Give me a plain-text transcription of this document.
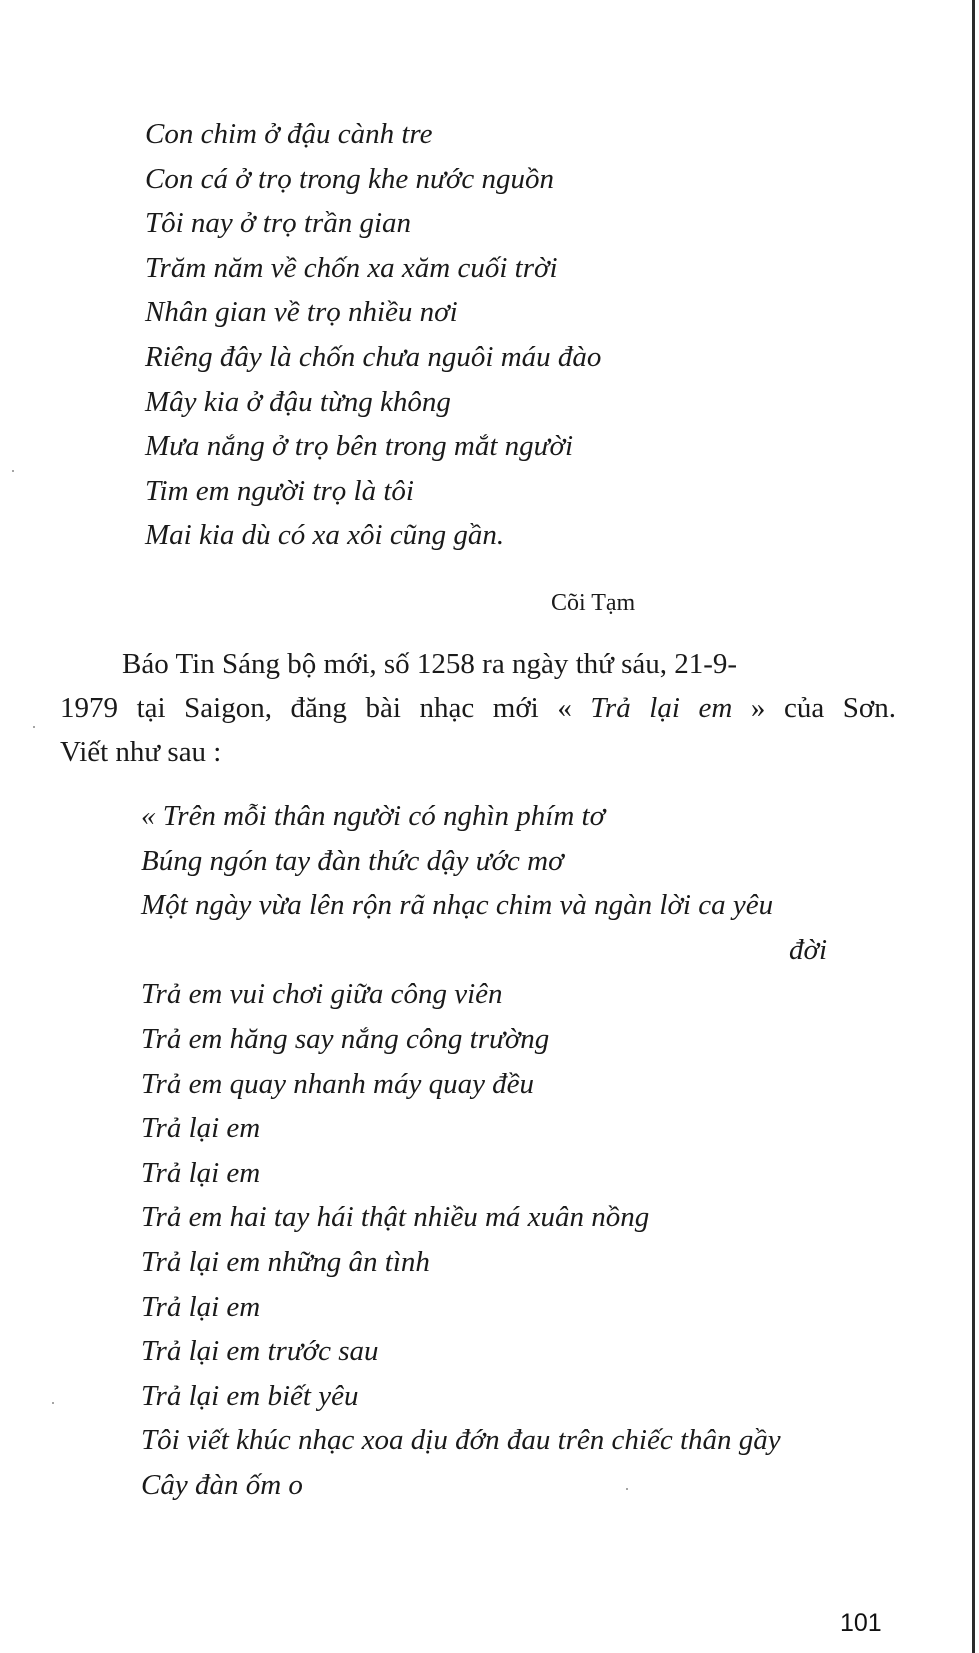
Con chim ở đậu cành tre
Con cá ở trọ trong khe nước nguồn
Tôi nay ở trọ trần gian
Trăm năm về chốn xa xăm cuối trời
Nhân gian về trọ nhiều nơi
Riêng đây là chốn chưa nguôi máu đào
Mây kia ở đậu từng không
Mưa nắng ở trọ bên trong mắt người
Tim em người trọ là tôi
Mai kia dù có xa xôi cũng gần.
Cõi Tạm
Báo Tin Sáng bộ mới, số 1258 ra ngày thứ sáu, 21-9-
1979 tại Saigon, đăng bài nhạc mới « Trả lại em » của Sơn.
Viết như sau :
« Trên mỗi thân người có nghìn phím tơ
Búng ngón tay đàn thức dậy ước mơ
Một ngày vừa lên rộn rã nhạc chim và ngàn lời ca yêu
đời
Trả em vui chơi giữa công viên
Trả em hăng say nắng công trường
Trả em quay nhanh máy quay đều
Trả lại em
Trả lại em
Trả em hai tay hái thật nhiều má xuân nồng
Trả lại em những ân tình
Trả lại em
Trả lại em trước sau
Trả lại em biết yêu
Tôi viết khúc nhạc xoa dịu đớn đau trên chiếc thân gầy
Cây đàn ốm o
101
